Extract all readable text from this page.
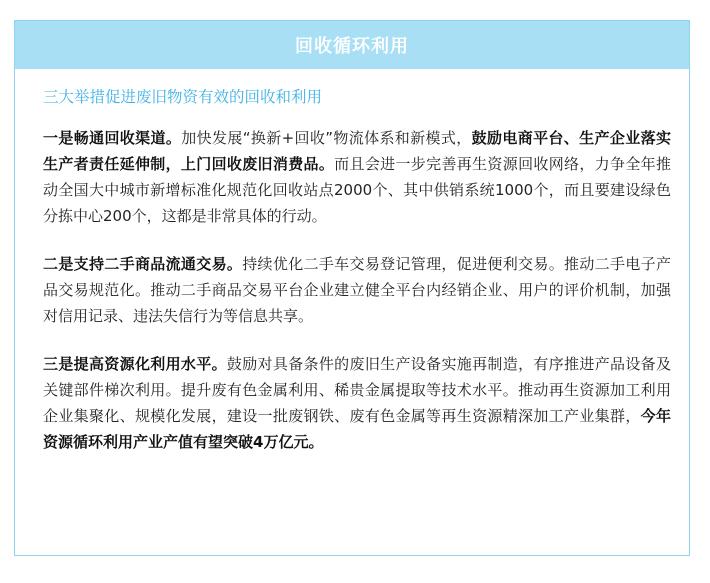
回收循环利用
三大举措促进废旧物资有效的回收和利用

一是畅通回收渠道。加快发展“换新+回收”物流体系和新模式，鼓励电商平台、生产企业落实生产者责任延伸制，上门回收废旧消费品。而且会进一步完善再生资源回收网络，力争全年推动全国大中城市新增标准化规范化回收站点2000个、其中供销系统1000个，而且要建设绿色分拣中心200个，这都是非常具体的行动。

二是支持二手商品流通交易。持续优化二手车交易登记管理，促进便利交易。推动二手电子产品交易规范化。推动二手商品交易平台企业建立健全平台内经销企业、用户的评价机制，加强对信用记录、违法失信行为等信息共享。

三是提高资源化利用水平。鼓励对具备条件的废旧生产设备实施再制造，有序推进产品设备及关键部件梯次利用。提升废有色金属利用、稀贵金属提取等技术水平。推动再生资源加工利用企业集聚化、规模化发展，建设一批废钢铁、废有色金属等再生资源精深加工产业集群，今年资源循环利用产业产值有望突破4万亿元。
